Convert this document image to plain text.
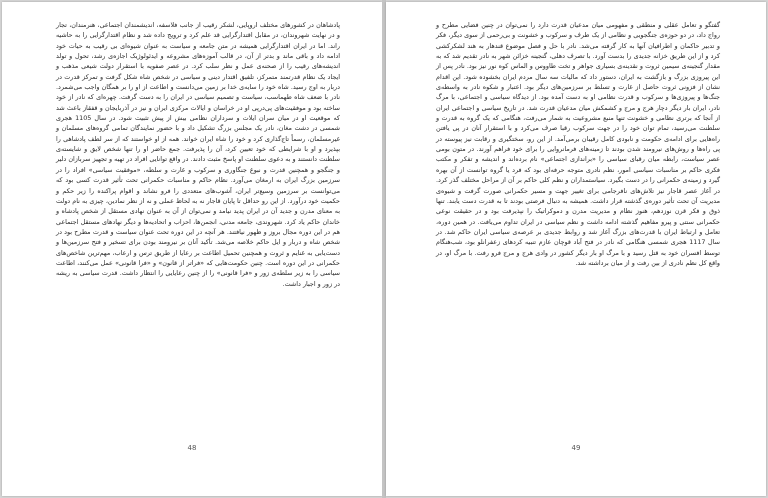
پادشاهان در کشورهای مختلف اروپایی، لشکر رقیب از جانب فلاسفه، اندیشمندان اجتماعی، هنرمندان، تجار و در نهایت شهروندان، در مقابل اقتدارگرایی قد علم کرد و ترویج داده شد و نظام اقتدارگرایی را به حاشیه راند. اما در ایران اقتدارگرایی همیشه در متن جامعه و سیاست به عنوان شیوه‌ای بی رقیب به حیات خود ادامه داد و باقی ماند و بدتر از آن، در قالب آموزه‌های مشروعه و ایدئولوژیک اجازه‌ی رشد، تحول و تولد اندیشه‌های رقیب را از صحنه‌ی عمل و نظر سلب کرد. در عصر صفویه با استقرار دولت شیعی مذهب و ایجاد یک نظام قدرتمند متمرکز، تلفیق اقتدار دینی و سیاسی در شخص شاه شکل گرفت و تمرکز قدرت در دربار به اوج رسید. شاه خود را سایه‌ی خدا بر زمین می‌دانست و اطاعت از او را بر همگان واجب می‌شمرد. نادر با ضعف شاه طهماسب، سیاست و تصمیم سیاسی در ایران را به دست گرفت. چهره‌ای که نادر از خود ساخته بود و موفقیت‌های پی‌درپی او در خراسان و ایالات مرکزی ایران و نیز در آذربایجان و قفقاز باعث شد که موقعیت او در میان سران ایلات و سرداران نظامی بیش از پیش تثبیت شود. در سال 1105 هجری شمسی در دشت مغان، نادر یک مجلس بزرگ تشکیل داد و با حضور نمایندگان تمامی گروه‌های مسلمان و غیرمسلمان، رسماً تاج‌گذاری کرد و خود را شاه ایران خواند. همه از او خواستند که از سر لطف پادشاهی را بپذیرد و او با شرایطی که خود تعیین کرد، آن را پذیرفت. جمع حاضر او را تنها شخص لایق و شایسته‌ی سلطنت دانستند و به دعوی سلطنت او پاسخ مثبت دادند. در واقع توانایی افراد در تهیه و تجهیز سربازان دلیر و جنگجو و همچنین قدرت و نبوغ جنگاوری و سرکوب و غارت و سلطه، «موفقیت سیاسی» افراد را در سرزمین بزرگ ایران به ارمغان می‌آورد. نظام حاکم و مناسبات حکمرانی تحت تأثیر قدرت کسی بود که می‌توانست بر سرزمین وسیع‌تر ایران، آشوب‌های متعددی را فرو نشاند و اقوام پراکنده را زیر حکم و حکمیت خود درآورد. از این رو حداقل تا پایان قاجار نه به لحاظ عملی و نه از نظر نمادین، چیزی به نام دولت به معنای مدرن و جدید آن در ایران پدید نیامد و نمی‌توان از آن به عنوان نهادی مستقل از شخص پادشاه و خاندان حاکم یاد کرد. شهروندی، جامعه مدنی، انجمن‌ها، احزاب و اتحادیه‌ها و دیگر نهادهای مستقل اجتماعی هم در این دوره مجال بروز و ظهور نیافتند. هر آنچه در این دوره تحت عنوان سیاست و قدرت مطرح بود در شخص شاه و دربار و ایل حاکم خلاصه می‌شد. تأکید آنان بر نیرومند بودن برای تسخیر و فتح سرزمین‌ها و دست‌یابی به غنایم و ثروت و همچنین تحمیل اطاعت بر رعایا از طریق ترس و ارعاب، مهم‌ترین شاخص‌های حکمرانی در این دوره است. چنین حکومت‌هایی که «فراتر از قانون» و «فرا قانونی» عمل می‌کنند، اطاعت سیاسی را به زیر سلطه‌ی زور و «فرا قانونی» را از چنین رعایایی را انتظار داشت. قدرت سیاسی به ریشه در زور و اجبار داشت.

48

گفتگو و تعامل عقلی و منطقی و مفهومی میان مدعیان قدرت دارد را نمی‌توان در چنین فضایی مطرح و رواج داد، در دو حوزه‌ی جنگجویی و نظامی از یک طرف و سرکوب و خشونت و بی‌رحمی از سوی دیگر، فکر و تدبیر حاکمان و اطرافیان آنها به کار گرفته می‌شد. نادر با حل و فصل موضوع قندهار به هند لشکرکشی کرد و از این طریق خزانه جدیدی را بدست آورد. با تصرف دهلی، گنجینه خزائن شهر به نادر تقدیم شد که به مقدار گنجینه‌ی سیمین ثروت و نقدینه‌ی بسیاری جواهر و تخت طاووس و الماس کوه نور نیز بود. نادر پس از این پیروزی بزرگ و بازگشت به ایران، دستور داد که مالیات سه سال مردم ایران بخشوده شود. این اقدام نشان از فزونی ثروت حاصل از غارت و تسلط بر سرزمین‌های دیگر بود. اعتبار و شکوه نادر به واسطه‌ی جنگ‌ها و پیروزی‌ها و سرکوب و قدرت نظامی او به دست آمده بود. از دیدگاه سیاسی و اجتماعی، با مرگ نادر، ایران بار دیگر دچار هرج و مرج و کشمکش میان مدعیان قدرت شد. در تاریخ سیاسی و اجتماعی ایران از آنجا که برتری نظامی و خشونت تنها منبع مشروعیت به شمار می‌رفت، هنگامی که یک گروه به قدرت و سلطنت می‌رسید، تمام توان خود را در جهت سرکوب رقبا صرف می‌کرد و با استقرار آنان در پی یافتن راه‌هایی برای ادامه‌ی حکومت و نابودی کامل رقیبان برمی‌آمد. از این رو، سختگیری و رقابت نیز پیوسته در پی راه‌ها و روش‌های نیرومند شدن بودند تا زمینه‌های فرمانروایی را برای خود فراهم آورند. در متون بومی عصر سیاست، رابطه میان رقبای سیاسی را «براندازی اجتماعی» نام برده‌اند و اندیشه و تفکر و مکتب فکری حاکم بر مناسبات سیاسی امور، نظم نادری متوجه حرفه‌ای بود که فرد یا گروه توانست از آن بهره گیرد و زمینه‌ی حکمرانی را در دست بگیرد. سیاستمداران و نظم کلی حاکم بر آن از مراحل مختلف گذر کرد. در آغاز عصر قاجار نیز تلاش‌های نافرجامی برای تغییر جهت و مسیر حکمرانی صورت گرفت و شیوه‌ی مدیریت آن تحت تأثیر دوره‌ی گذشته قرار داشت. همیشه به دنبال فرصتی بودند تا به قدرت دست یابند. تنها ذوق و فکر قرن نوزدهم، هنوز نظام و مدیریت مدرن و دموکراتیک را نپذیرفت بود و در حقیقت نوعی حکمرانی سنتی و پیرو مفاهیم گذشته ادامه داشت و نظم سیاسی در ایران تداوم می‌یافت. در همین دوره، تعامل و ارتباط ایران با قدرت‌های بزرگ آغاز شد و روابط جدیدی بر عرصه‌ی سیاسی ایران حاکم شد. در سال 1117 هجری شمسی هنگامی که نادر در فتح آباد قوچان عازم تنبیه کردهای زعفرانلو بود، شب‌هنگام توسط افسران خود به قتل رسید و با مرگ او بار دیگر کشور در وادی هرج و مرج فرو رفت. با مرگ او، در واقع کل نظم نادری از بین رفت و از میان برداشته شد.

49
